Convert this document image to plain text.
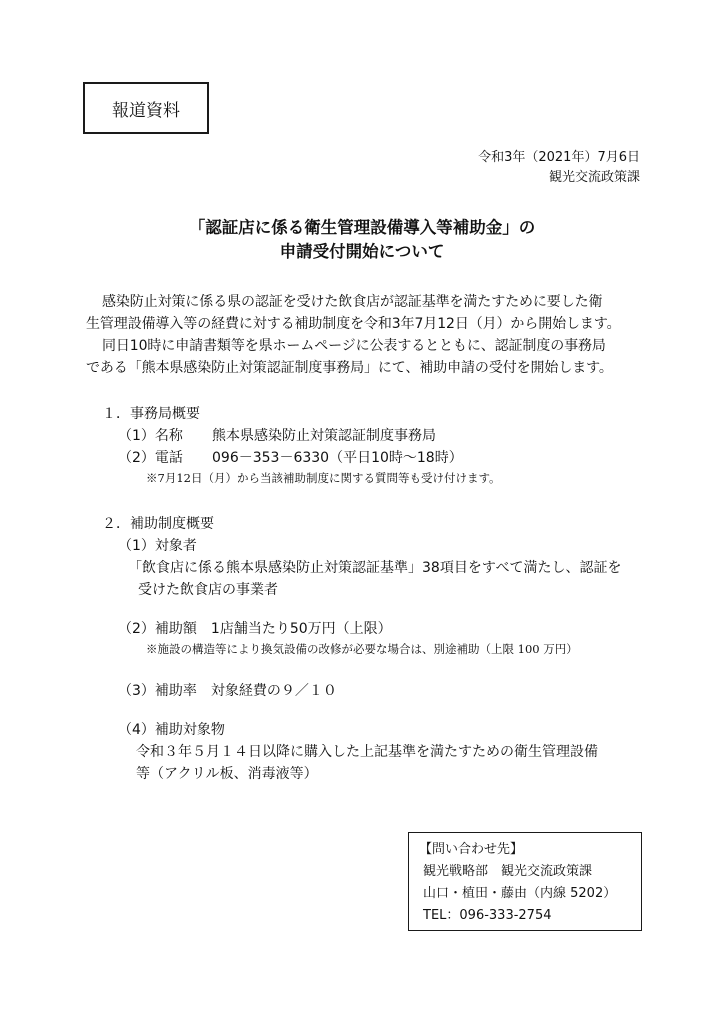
報道資料
令和3年（2021年）7月6日
観光交流政策課
「認証店に係る衛生管理設備導入等補助金」の
申請受付開始について
感染防止対策に係る県の認証を受けた飲食店が認証基準を満たすために要した衛
生管理設備導入等の経費に対する補助制度を令和3年7月12日（月）から開始します。
同日10時に申請書類等を県ホームページに公表するとともに、認証制度の事務局
である「熊本県感染防止対策認証制度事務局」にて、補助申請の受付を開始します。
１．事務局概要
（1）名称 熊本県感染防止対策認証制度事務局
（2）電話 096－353－6330（平日10時～18時）
※7月12日（月）から当該補助制度に関する質問等も受け付けます。
２．補助制度概要
（1）対象者
「飲食店に係る熊本県感染防止対策認証基準」38項目をすべて満たし、認証を
受けた飲食店の事業者
（2）補助額　1店舗当たり50万円（上限）
※施設の構造等により換気設備の改修が必要な場合は、別途補助（上限 100 万円）
（3）補助率　対象経費の９／１０
（4）補助対象物
令和３年５月１４日以降に購入した上記基準を満たすための衛生管理設備
等（アクリル板、消毒液等）
【問い合わせ先】
観光戦略部　観光交流政策課
山口・植田・藤由（内線 5202）
TEL：096-333-2754
